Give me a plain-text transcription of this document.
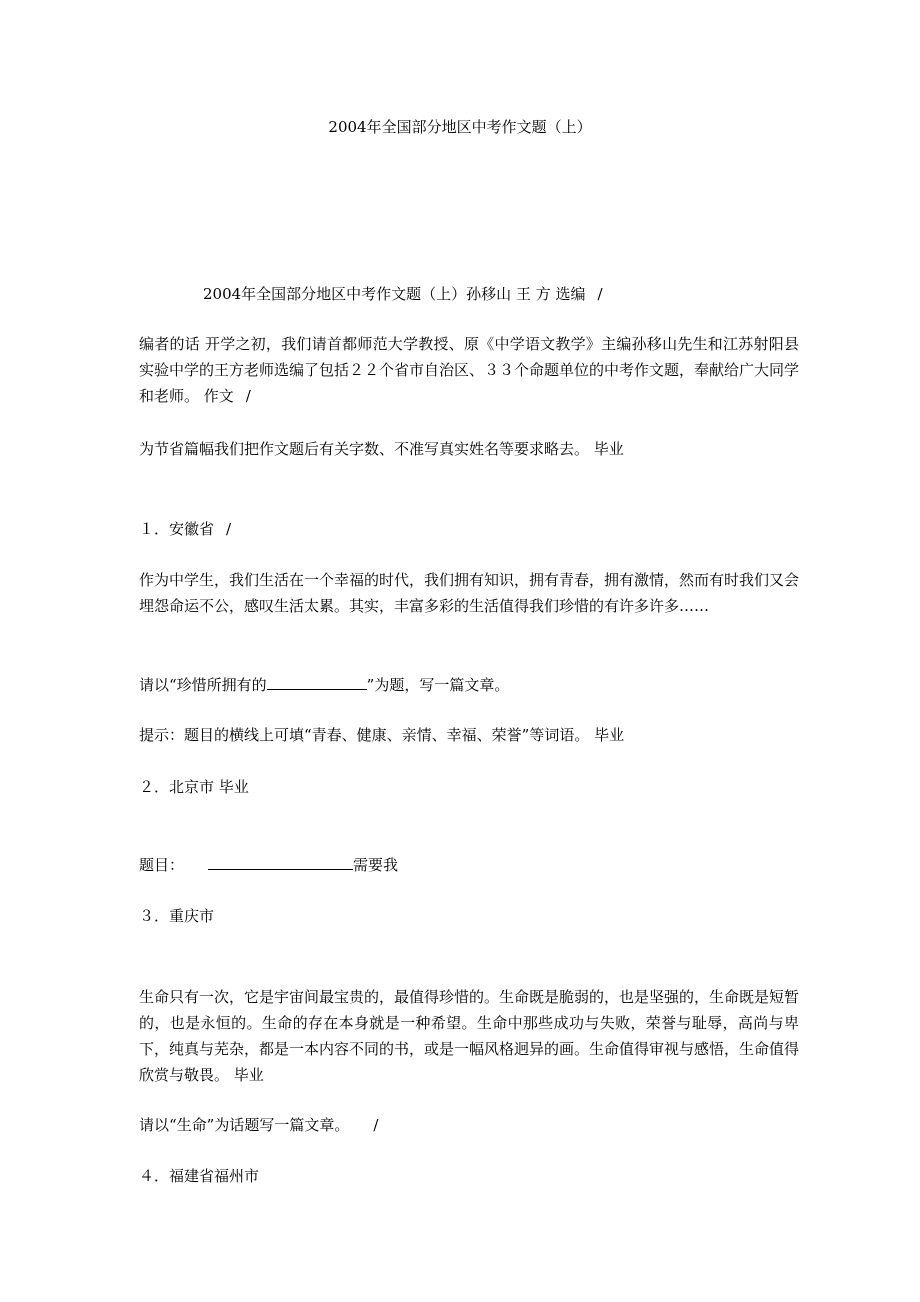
2004年全国部分地区中考作文题（上）

2004年全国部分地区中考作文题（上）孙移山 王 方 选编 /

编者的话 开学之初，我们请首都师范大学教授、原《中学语文教学》主编孙移山先生和江苏射阳县实验中学的王方老师选编了包括２２个省市自治区、３３个命题单位的中考作文题，奉献给广大同学和老师。 作文 /

为节省篇幅我们把作文题后有关字数、不准写真实姓名等要求略去。 毕业

１．安徽省 /

作为中学生，我们生活在一个幸福的时代，我们拥有知识，拥有青春，拥有激情，然而有时我们又会埋怨命运不公，感叹生活太累。其实，丰富多彩的生活值得我们珍惜的有许多许多……

请以“珍惜所拥有的	”为题，写一篇文章。

提示：题目的横线上可填“青春、健康、亲情、幸福、荣誉”等词语。 毕业

２．北京市 毕业

题目：	需要我

３．重庆市

生命只有一次，它是宇宙间最宝贵的，最值得珍惜的。生命既是脆弱的，也是坚强的，生命既是短暂的，也是永恒的。生命的存在本身就是一种希望。生命中那些成功与失败，荣誉与耻辱，高尚与卑下，纯真与芜杂，都是一本内容不同的书，或是一幅风格迥异的画。生命值得审视与感悟，生命值得欣赏与敬畏。 毕业

请以“生命”为话题写一篇文章。 /

４．福建省福州市
